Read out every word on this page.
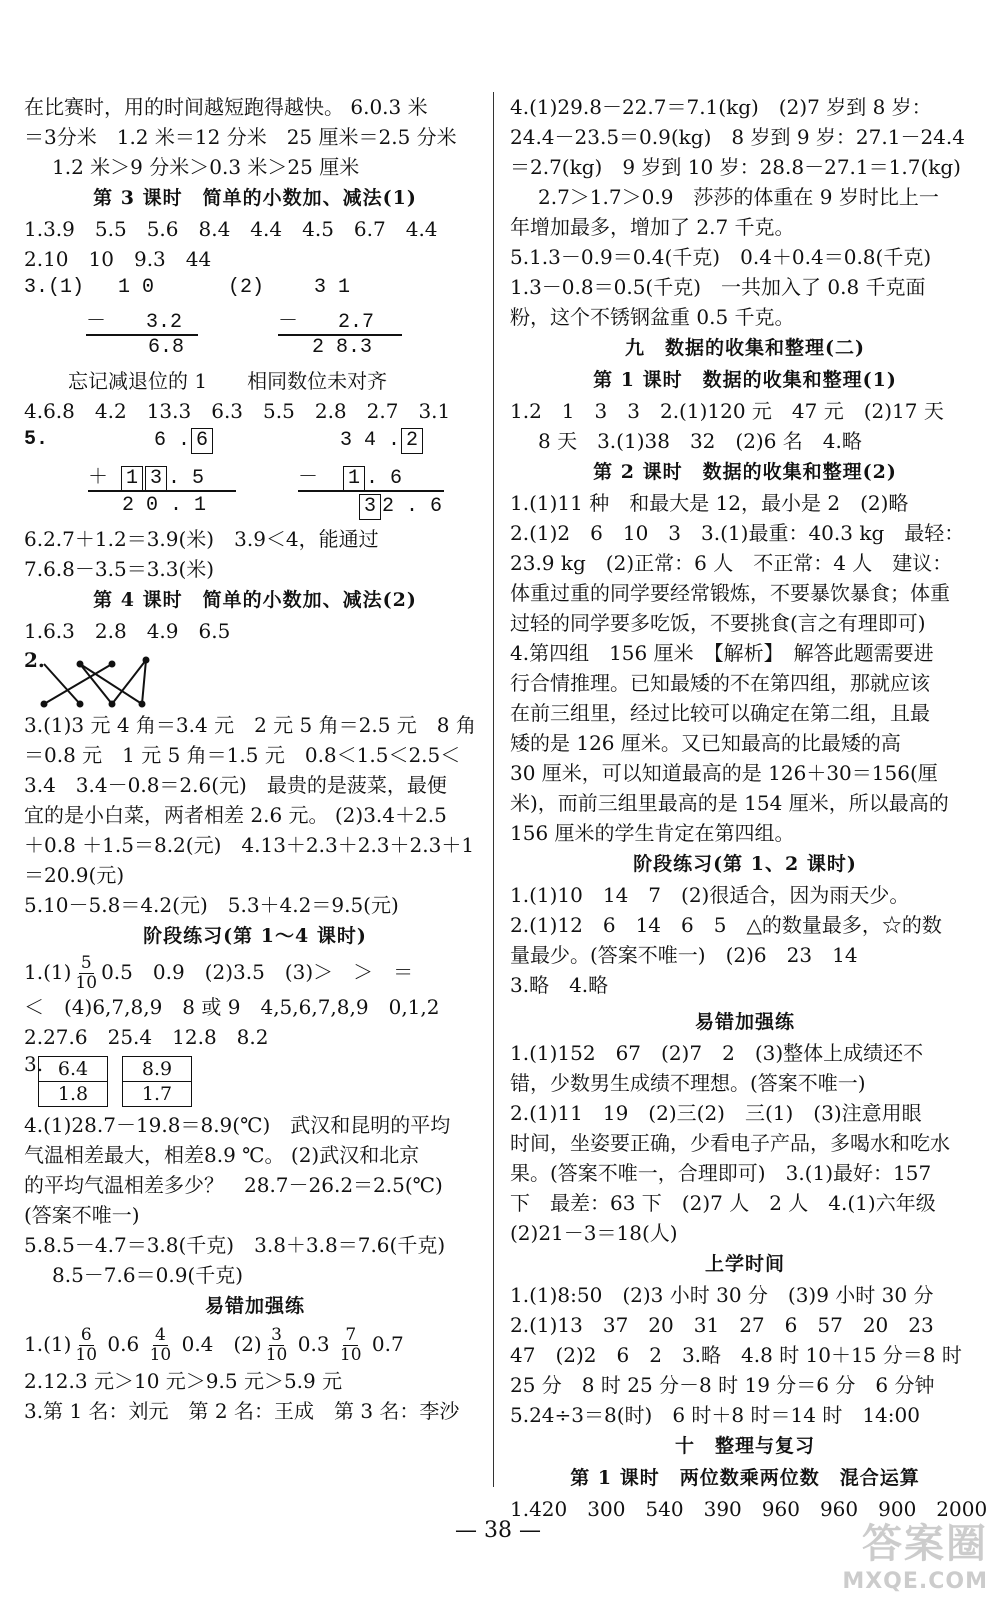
在比赛时，用的时间越短跑得越快。 6.0.3 米
＝3分米　1.2 米＝12 分米　25 厘米＝2.5 分米
1.2 米＞9 分米＞0.3 米＞25 厘米
第 3 课时　简单的小数加、减法(1)
1.3.9　5.5　5.6　8.4　4.4　4.5　6.7　4.4
2.10　10　9.3　44
3.(1) 1 0
－　　3.2
6.8
(2) 3 1
－　　2.7
2 8.3
忘记减退位的 1　　相同数位未对齐
4.6.8　4.2　13.3　6.3　5.5　2.8　2.7　3.1
5.	6 . 6
＋ 1 3 . 5
2 0 . 1
3 4 . 2
－ 1 . 6
3 2 . 6
6.2.7＋1.2＝3.9(米)　3.9＜4，能通过
7.6.8－3.5＝3.3(米)
第 4 课时　简单的小数加、减法(2)
1.6.3　2.8　4.9　6.5
2.
3.(1)3 元 4 角＝3.4 元　2 元 5 角＝2.5 元　8 角
＝0.8 元　1 元 5 角＝1.5 元　0.8＜1.5＜2.5＜
3.4　3.4－0.8＝2.6(元)　最贵的是菠菜，最便
宜的是小白菜，两者相差 2.6 元。 (2)3.4＋2.5
＋0.8 ＋1.5＝8.2(元)　4.13＋2.3＋2.3＋2.3＋1
＝20.9(元)
5.10－5.8＝4.2(元)　5.3＋4.2＝9.5(元)
阶段练习(第 1～4 课时)
$1.(1) \frac{5}{10} 0.5$　0.9　(2)3.5　(3)＞　＞　＝
＜　(4)6,7,8,9　8 或 9　4,5,6,7,8,9　0,1,2
2.27.6　25.4　12.8　8.2
3. 6.4
1.8
8.9
1.7
4.(1)28.7－19.8＝8.9(℃)　武汉和昆明的平均
气温相差最大，相差8.9 ℃。 (2)武汉和北京
的平均气温相差多少？　28.7－26.2＝2.5(℃)
(答案不唯一)
5.8.5－4.7＝3.8(千克)　3.8＋3.8＝7.6(千克)
8.5－7.6＝0.9(千克)
易错加强练
$1.(1) \frac{6}{10} 0.6 \frac{4}{10} 0.4$　$(2) \frac{3}{10} 0.3 \frac{7}{10} 0.7$
2.12.3 元＞10 元＞9.5 元＞5.9 元
3.第 1 名：刘元　第 2 名：王成　第 3 名：李沙
4.(1)29.8－22.7＝7.1(kg)　(2)7 岁到 8 岁：
24.4－23.5＝0.9(kg)　8 岁到 9 岁：27.1－24.4
＝2.7(kg)　9 岁到 10 岁：28.8－27.1＝1.7(kg)
2.7＞1.7＞0.9　莎莎的体重在 9 岁时比上一
年增加最多，增加了 2.7 千克。
5.1.3－0.9＝0.4(千克)　0.4＋0.4＝0.8(千克)
1.3－0.8＝0.5(千克)　一共加入了 0.8 千克面
粉，这个不锈钢盆重 0.5 千克。
九　数据的收集和整理(二)
第 1 课时　数据的收集和整理(1)
1.2　1　3　3　2.(1)120 元　47 元　(2)17 天
8 天　3.(1)38　32　(2)6 名　4.略
第 2 课时　数据的收集和整理(2)
1.(1)11 种　和最大是 12，最小是 2　(2)略
2.(1)2　6　10　3　3.(1)最重：40.3 kg　最轻：
23.9 kg　(2)正常：6 人　不正常：4 人　建议：
体重过重的同学要经常锻炼，不要暴饮暴食；体重
过轻的同学要多吃饭，不要挑食(言之有理即可)
4.第四组　156 厘米　【解析】　解答此题需要进
行合情推理。已知最矮的不在第四组，那就应该
在前三组里，经过比较可以确定在第二组，且最
矮的是 126 厘米。又已知最高的比最矮的高
30 厘米，可以知道最高的是 126＋30＝156(厘
米)，而前三组里最高的是 154 厘米，所以最高的
156 厘米的学生肯定在第四组。
阶段练习(第 1、2 课时)
1.(1)10　14　7　(2)很适合，因为雨天少。
2.(1)12　6　14　6　5　△的数量最多，☆的数
量最少。(答案不唯一)　(2)6　23　14
3.略　4.略
易错加强练
1.(1)152　67　(2)7　2　(3)整体上成绩还不
错，少数男生成绩不理想。(答案不唯一)
2.(1)11　19　(2)三(2)　三(1)　(3)注意用眼
时间，坐姿要正确，少看电子产品，多喝水和吃水
果。(答案不唯一，合理即可)　3.(1)最好：157
下　最差：63 下　(2)7 人　2 人　4.(1)六年级
(2)21－3＝18(人)
上学时间
1.(1)8:50　(2)3 小时 30 分　(3)9 小时 30 分
2.(1)13　37　20　31　27　6　57　20　23
47　(2)2　6　2　3.略　4.8 时 10＋15 分＝8 时
25 分　8 时 25 分－8 时 19 分＝6 分　6 分钟
5.24÷3＝8(时)　6 时＋8 时＝14 时　14:00
十　整理与复习
第 1 课时　两位数乘两位数　混合运算
1.420　300　540　390　960　960　900　2000
— 38 —	答案圈
MXQE.COM
